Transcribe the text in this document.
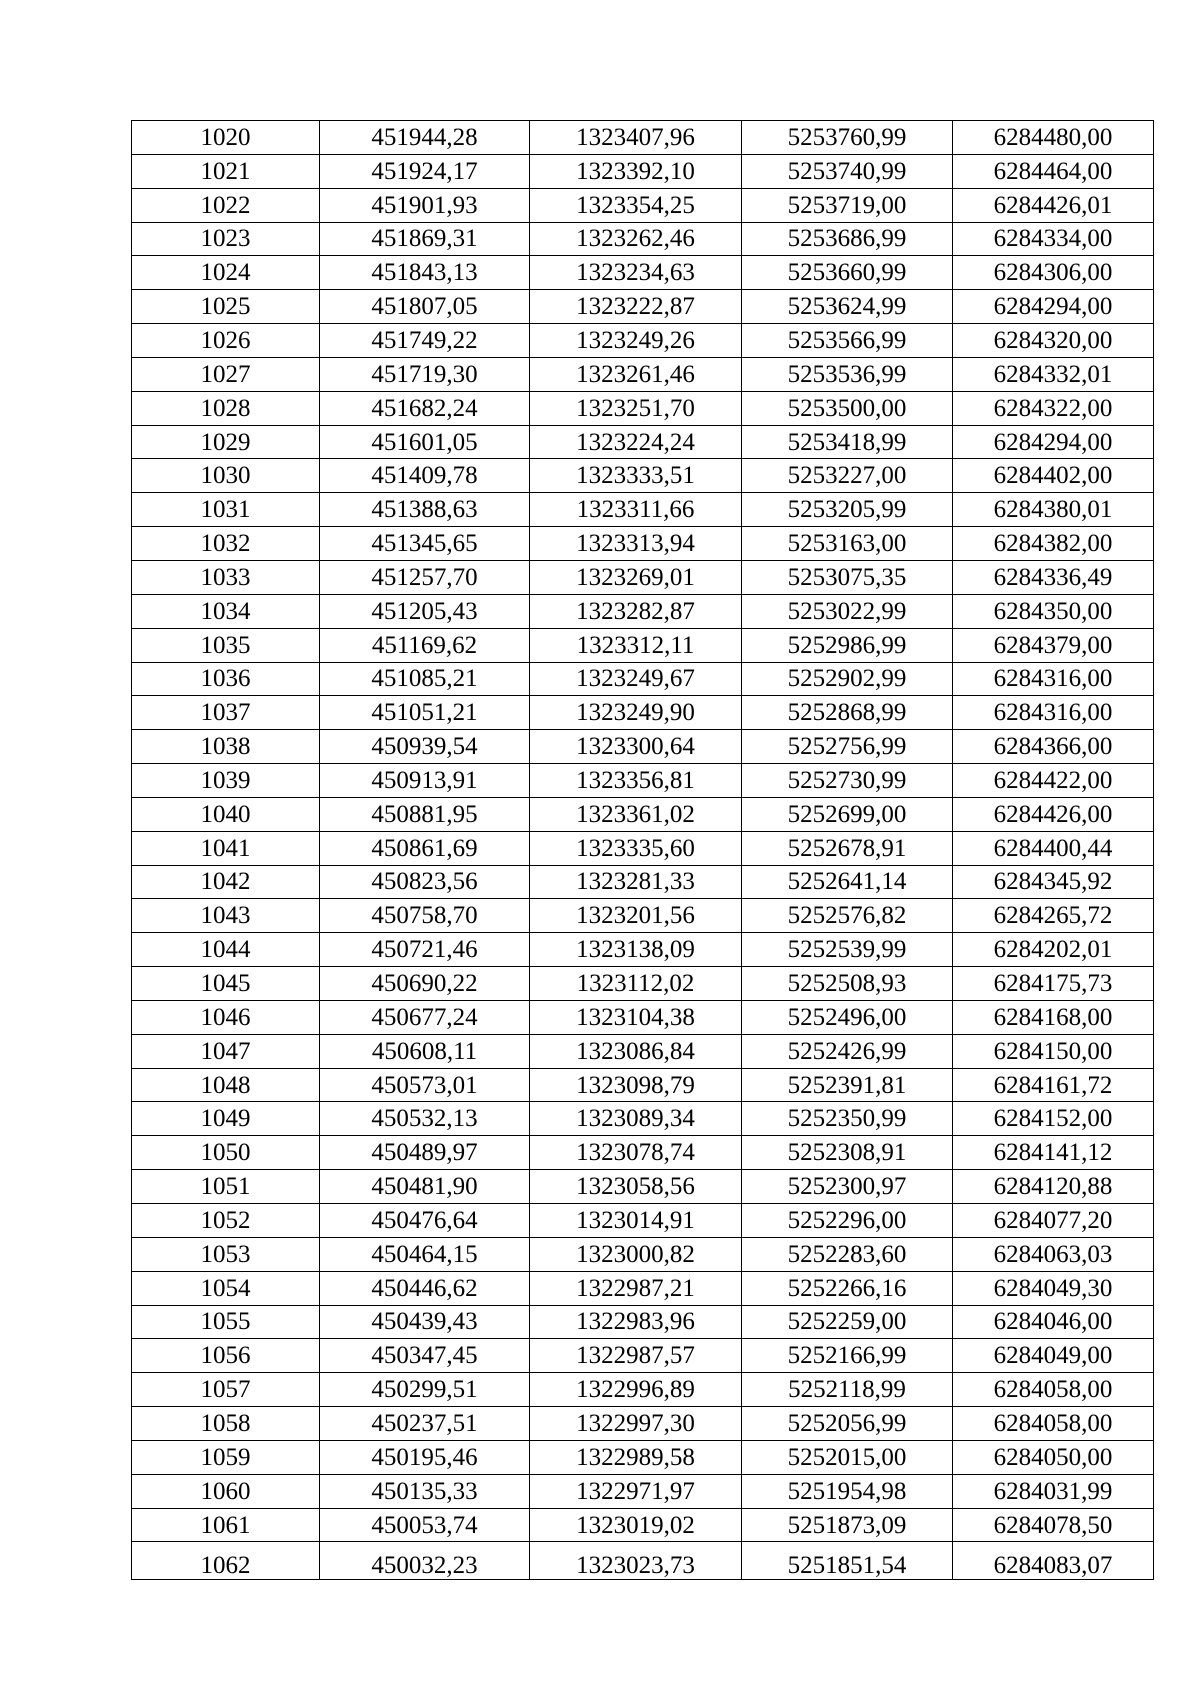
1020	451944,28	1323407,96	5253760,99	6284480,00
1021	451924,17	1323392,10	5253740,99	6284464,00
1022	451901,93	1323354,25	5253719,00	6284426,01
1023	451869,31	1323262,46	5253686,99	6284334,00
1024	451843,13	1323234,63	5253660,99	6284306,00
1025	451807,05	1323222,87	5253624,99	6284294,00
1026	451749,22	1323249,26	5253566,99	6284320,00
1027	451719,30	1323261,46	5253536,99	6284332,01
1028	451682,24	1323251,70	5253500,00	6284322,00
1029	451601,05	1323224,24	5253418,99	6284294,00
1030	451409,78	1323333,51	5253227,00	6284402,00
1031	451388,63	1323311,66	5253205,99	6284380,01
1032	451345,65	1323313,94	5253163,00	6284382,00
1033	451257,70	1323269,01	5253075,35	6284336,49
1034	451205,43	1323282,87	5253022,99	6284350,00
1035	451169,62	1323312,11	5252986,99	6284379,00
1036	451085,21	1323249,67	5252902,99	6284316,00
1037	451051,21	1323249,90	5252868,99	6284316,00
1038	450939,54	1323300,64	5252756,99	6284366,00
1039	450913,91	1323356,81	5252730,99	6284422,00
1040	450881,95	1323361,02	5252699,00	6284426,00
1041	450861,69	1323335,60	5252678,91	6284400,44
1042	450823,56	1323281,33	5252641,14	6284345,92
1043	450758,70	1323201,56	5252576,82	6284265,72
1044	450721,46	1323138,09	5252539,99	6284202,01
1045	450690,22	1323112,02	5252508,93	6284175,73
1046	450677,24	1323104,38	5252496,00	6284168,00
1047	450608,11	1323086,84	5252426,99	6284150,00
1048	450573,01	1323098,79	5252391,81	6284161,72
1049	450532,13	1323089,34	5252350,99	6284152,00
1050	450489,97	1323078,74	5252308,91	6284141,12
1051	450481,90	1323058,56	5252300,97	6284120,88
1052	450476,64	1323014,91	5252296,00	6284077,20
1053	450464,15	1323000,82	5252283,60	6284063,03
1054	450446,62	1322987,21	5252266,16	6284049,30
1055	450439,43	1322983,96	5252259,00	6284046,00
1056	450347,45	1322987,57	5252166,99	6284049,00
1057	450299,51	1322996,89	5252118,99	6284058,00
1058	450237,51	1322997,30	5252056,99	6284058,00
1059	450195,46	1322989,58	5252015,00	6284050,00
1060	450135,33	1322971,97	5251954,98	6284031,99
1061	450053,74	1323019,02	5251873,09	6284078,50
1062	450032,23	1323023,73	5251851,54	6284083,07
